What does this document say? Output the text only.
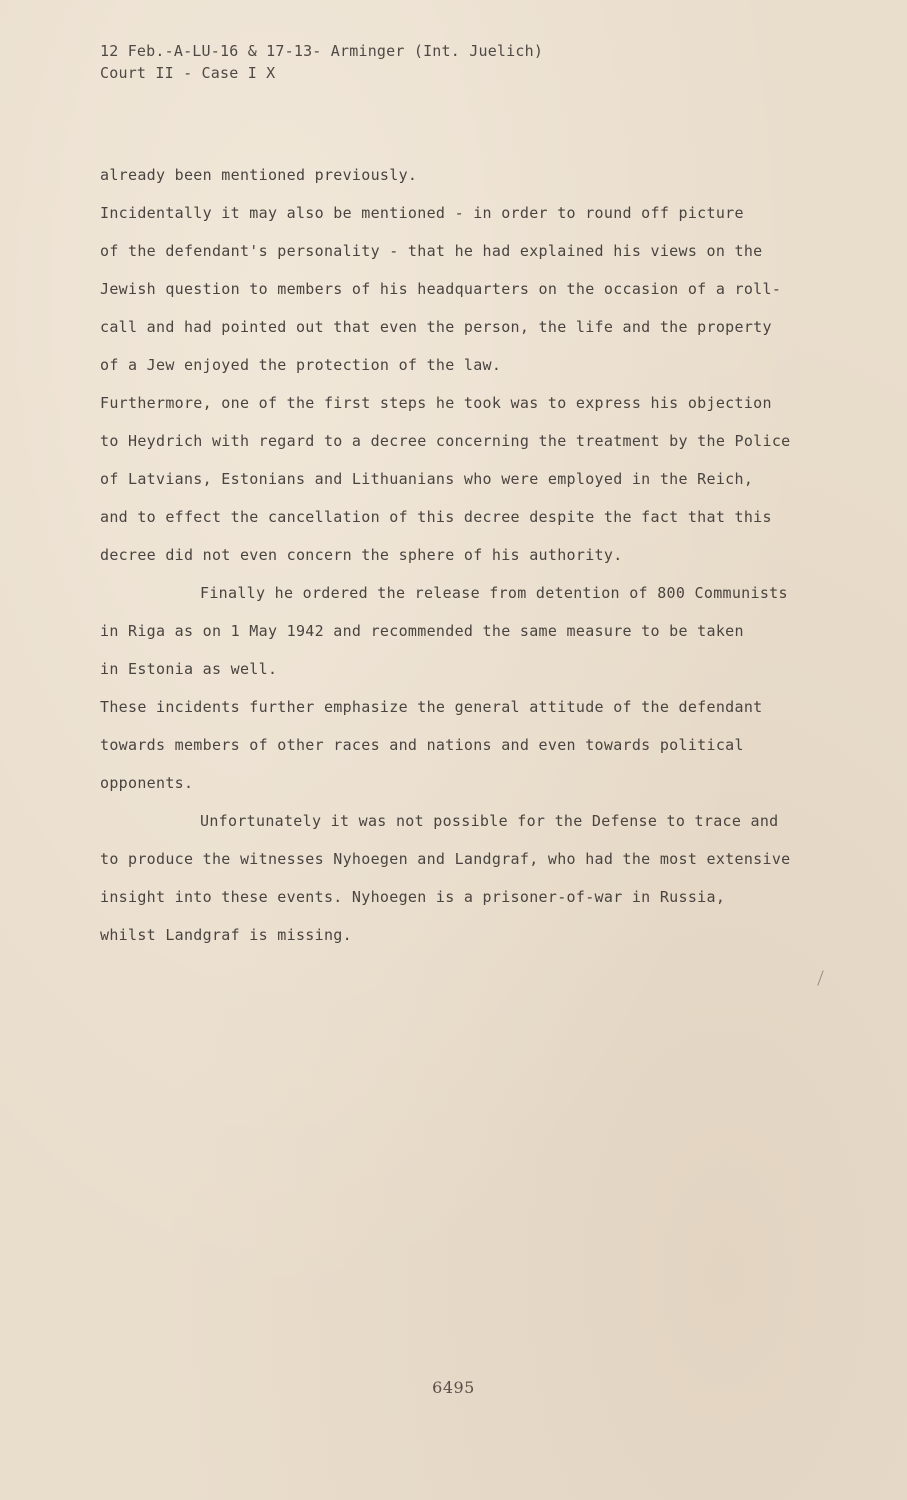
12 Feb.-A-LU-16 & 17-13- Arminger (Int. Juelich)
Court II - Case I X
already been mentioned previously.
Incidentally it may also be mentioned - in order to round off picture
of the defendant's personality - that he had explained his views on the
Jewish question to members of his headquarters on the occasion of a roll-
call and had pointed out that even the person, the life and the property
of a Jew enjoyed the protection of the law.
Furthermore, one of the first steps he took was to express his objection
to Heydrich with regard to a decree concerning the treatment by the Police
of Latvians, Estonians and Lithuanians who were employed in the Reich,
and to effect the cancellation of this decree despite the fact that this
decree did not even concern the sphere of his authority.
Finally he ordered the release from detention of 800 Communists
in Riga as on 1 May 1942 and recommended the same measure to be taken
in Estonia as well.
These incidents further emphasize the general attitude of the defendant
towards members of other races and nations and even towards political
opponents.
Unfortunately it was not possible for the Defense to trace and
to produce the witnesses Nyhoegen and Landgraf, who had the most extensive
insight into these events. Nyhoegen is a prisoner-of-war in Russia,
whilst Landgraf is missing.
6495
